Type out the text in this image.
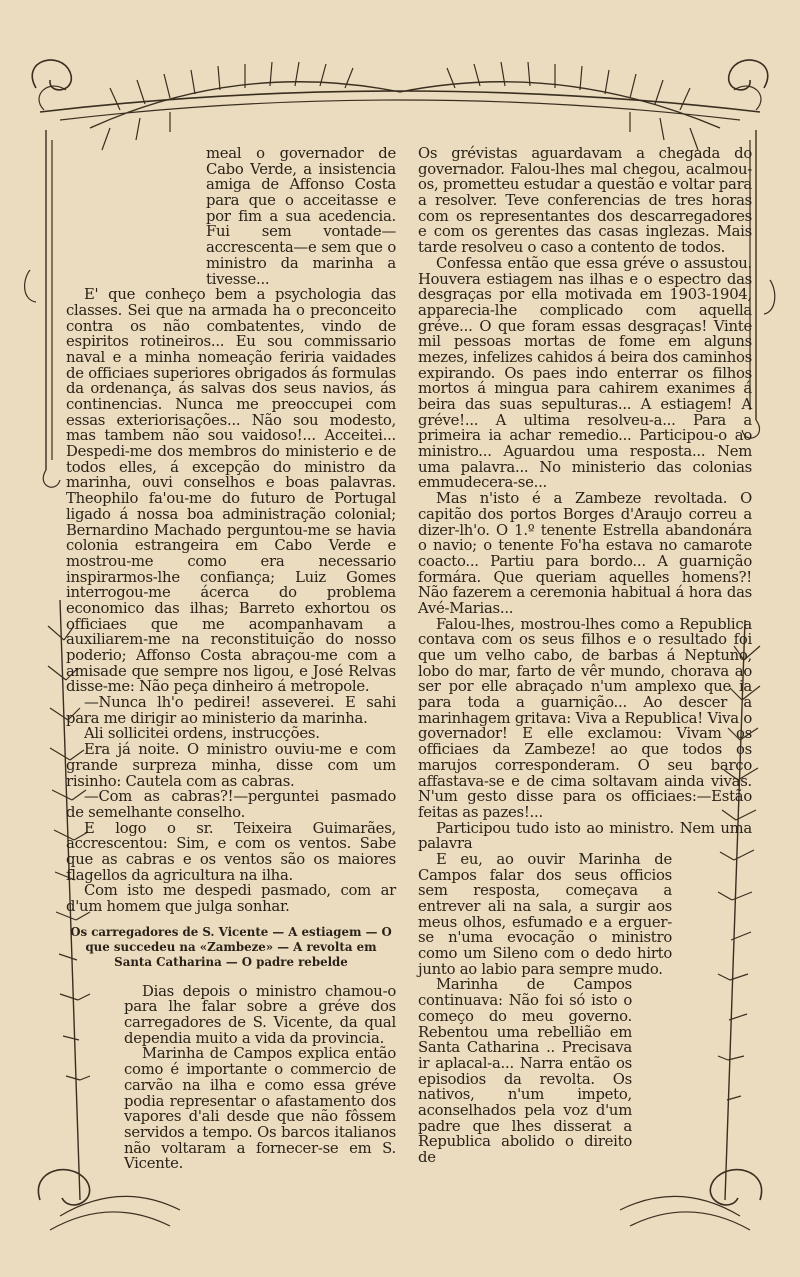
meal o governador de Cabo Verde, a insistencia amiga de Affonso Costa para que o acceitasse e por fim a sua acedencia. Fui sem vontade—accrescenta—e sem que o ministro da marinha a tivesse...

E' que conheço bem a psychologia das classes. Sei que na armada ha o preconceito contra os não combatentes, vindo de espiritos rotineiros... Eu sou commissario naval e a minha nomeação feriria vaidades de officiaes superiores obrigados ás formulas da ordenança, ás salvas dos seus navios, ás continencias. Nunca me preoccupei com essas exteriorisações... Não sou modesto, mas tambem não sou vaidoso!... Acceitei... Despedi-me dos membros do ministerio e de todos elles, á excepção do ministro da marinha, ouvi conselhos e boas palavras. Theophilo fa'ou-me do futuro de Portugal ligado á nossa boa administração colonial; Bernardino Machado perguntou-me se havia colonia estrangeira em Cabo Verde e mostrou-me como era necessario inspirarmos-lhe confiança; Luiz Gomes interrogou-me ácerca do problema economico das ilhas; Barreto exhortou os officiaes que me acompanhavam a auxiliarem-me na reconstituição do nosso poderio; Affonso Costa abraçou-me com a amisade que sempre nos ligou, e José Relvas disse-me: Não peça dinheiro á metropole.

—Nunca lh'o pedirei! asseverei. E sahi para me dirigir ao ministerio da marinha.

Ali sollicitei ordens, instrucções.

Era já noite. O ministro ouviu-me e com grande surpreza minha, disse com um risinho: Cautela com as cabras.

—Com as cabras?!—perguntei pasmado de semelhante conselho.

E logo o sr. Teixeira Guimarães, accrescentou: Sim, e com os ventos. Sabe que as cabras e os ventos são os maiores flagellos da agricultura na ilha.

Com isto me despedi pasmado, com ar d'um homem que julga sonhar.

Os carregadores de S. Vicente — A estiagem — O que succedeu na «Zambeze» — A revolta em Santa Catharina — O padre rebelde

Dias depois o ministro chamou-o para lhe falar sobre a gréve dos carregadores de S. Vicente, da qual dependia muito a vida da provincia.

Marinha de Campos explica então como é importante o commercio de carvão na ilha e como essa gréve podia representar o afastamento dos vapores d'ali desde que não fôssem servidos a tempo. Os barcos italianos não voltaram a fornecer-se em S. Vicente.

Os grévistas aguardavam a chegada do governador. Falou-lhes mal chegou, acalmou-os, prometteu estudar a questão e voltar para a resolver. Teve conferencias de tres horas com os representantes dos descarregadores e com os gerentes das casas inglezas. Mais tarde resolveu o caso a contento de todos.

Confessa então que essa gréve o assustou. Houvera estiagem nas ilhas e o espectro das desgraças por ella motivada em 1903-1904, apparecia-lhe complicado com aquella gréve... O que foram essas desgraças! Vinte mil pessoas mortas de fome em alguns mezes, infelizes cahidos á beira dos caminhos expirando. Os paes indo enterrar os filhos mortos á mingua para cahirem exanimes á beira das suas sepulturas... A estiagem! A gréve!... A ultima resolveu-a... Para a primeira ia achar remedio... Participou-o ao ministro... Aguardou uma resposta... Nem uma palavra... No ministerio das colonias emmudecera-se...

Mas n'isto é a Zambeze revoltada. O capitão dos portos Borges d'Araujo correu a dizer-lh'o. O 1.º tenente Estrella abandonára o navio; o tenente Fo'ha estava no camarote coacto... Partiu para bordo... A guarnição formára. Que queriam aquelles homens?! Não fazerem a ceremonia habitual á hora das Avé-Marias...

Falou-lhes, mostrou-lhes como a Republica contava com os seus filhos e o resultado foi que um velho cabo, de barbas á Neptuno, lobo do mar, farto de vêr mundo, chorava ao ser por elle abraçado n'um amplexo que ia para toda a guarnição... Ao descer a marinhagem gritava: Viva a Republica! Viva o governador! E elle exclamou: Vivam os officiaes da Zambeze! ao que todos os marujos corresponderam. O seu barco affastava-se e de cima soltavam ainda vivas. N'um gesto disse para os officiaes:—Estão feitas as pazes!...

Participou tudo isto ao ministro. Nem uma palavra

E eu, ao ouvir Marinha de Campos falar dos seus officios sem resposta, começava a entrever ali na sala, a surgir aos meus olhos, esfumado e a erguer-se n'uma evocação o ministro como um Sileno com o dedo hirto junto ao labio para sempre mudo.

Marinha de Campos continuava: Não foi só isto o começo do meu governo. Rebentou uma rebellião em Santa Catharina .. Precisava ir aplacal-a... Narra então os episodios da revolta. Os nativos, n'um impeto, aconselhados pela voz d'um padre que lhes disserat a Republica abolido o direito de
